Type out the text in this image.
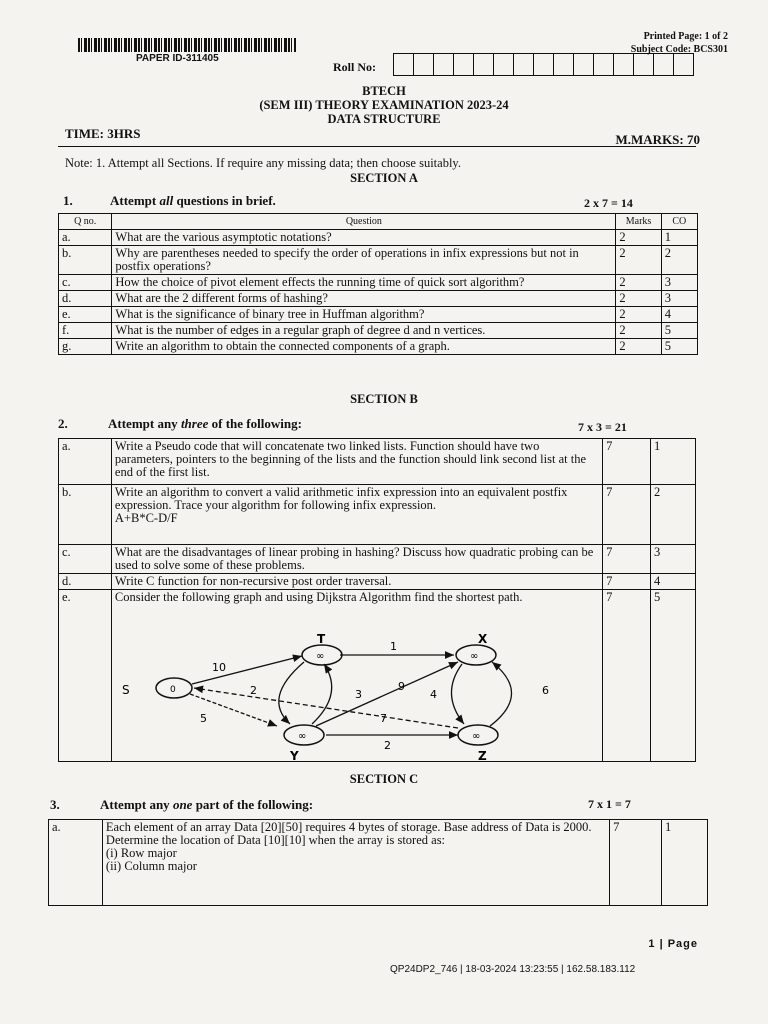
PAPER ID-311405
Printed Page: 1 of 2
Subject Code: BCS301
Roll No:
BTECH
(SEM III) THEORY EXAMINATION 2023-24
DATA STRUCTURE
TIME: 3HRS	M.MARKS: 70
Note: 1. Attempt all Sections. If require any missing data; then choose suitably.
SECTION A
1.	Attempt all questions in brief.	2 x 7 = 14
Q no.	Question	Marks	CO
a.	What are the various asymptotic notations?	2	1
b.	Why are parentheses needed to specify the order of operations in infix expressions but not in postfix operations?	2	2
c.	How the choice of pivot element effects the running time of quick sort algorithm?	2	3
d.	What are the 2 different forms of hashing?	2	3
e.	What is the significance of binary tree in Huffman algorithm?	2	4
f.	What is the number of edges in a regular graph of degree d and n vertices.	2	5
g.	Write an algorithm to obtain the connected components of a graph.	2	5
SECTION B
2.	Attempt any three of the following:	7 x 3 = 21
a.	Write a Pseudo code that will concatenate two linked lists. Function should have two parameters, pointers to the beginning of the lists and the function should link second list at the end of the first list.	7	1
b.	Write an algorithm to convert a valid arithmetic infix expression into an equivalent postfix expression. Trace your algorithm for following infix expression.
A+B*C-D/F	7	2
c.	What are the disadvantages of linear probing in hashing? Discuss how quadratic probing can be used to solve some of these problems.	7	3
d.	Write C function for non-recursive post order traversal.	7	4
e.	Consider the following graph and using Dijkstra Algorithm find the shortest path.	7	5
10
5
1
2	3
9
2
4	6
7
0
S
∞
T
∞
X
∞
Y
∞
Z
SECTION C
3.	Attempt any one part of the following:	7 x 1 = 7
a.	Each element of an array Data [20][50] requires 4 bytes of storage. Base address of Data is 2000. Determine the location of Data [10][10] when the array is stored as:
(i) Row major
(ii) Column major
	7	1
1 | Page
QP24DP2_746 | 18-03-2024 13:23:55 | 162.58.183.112
